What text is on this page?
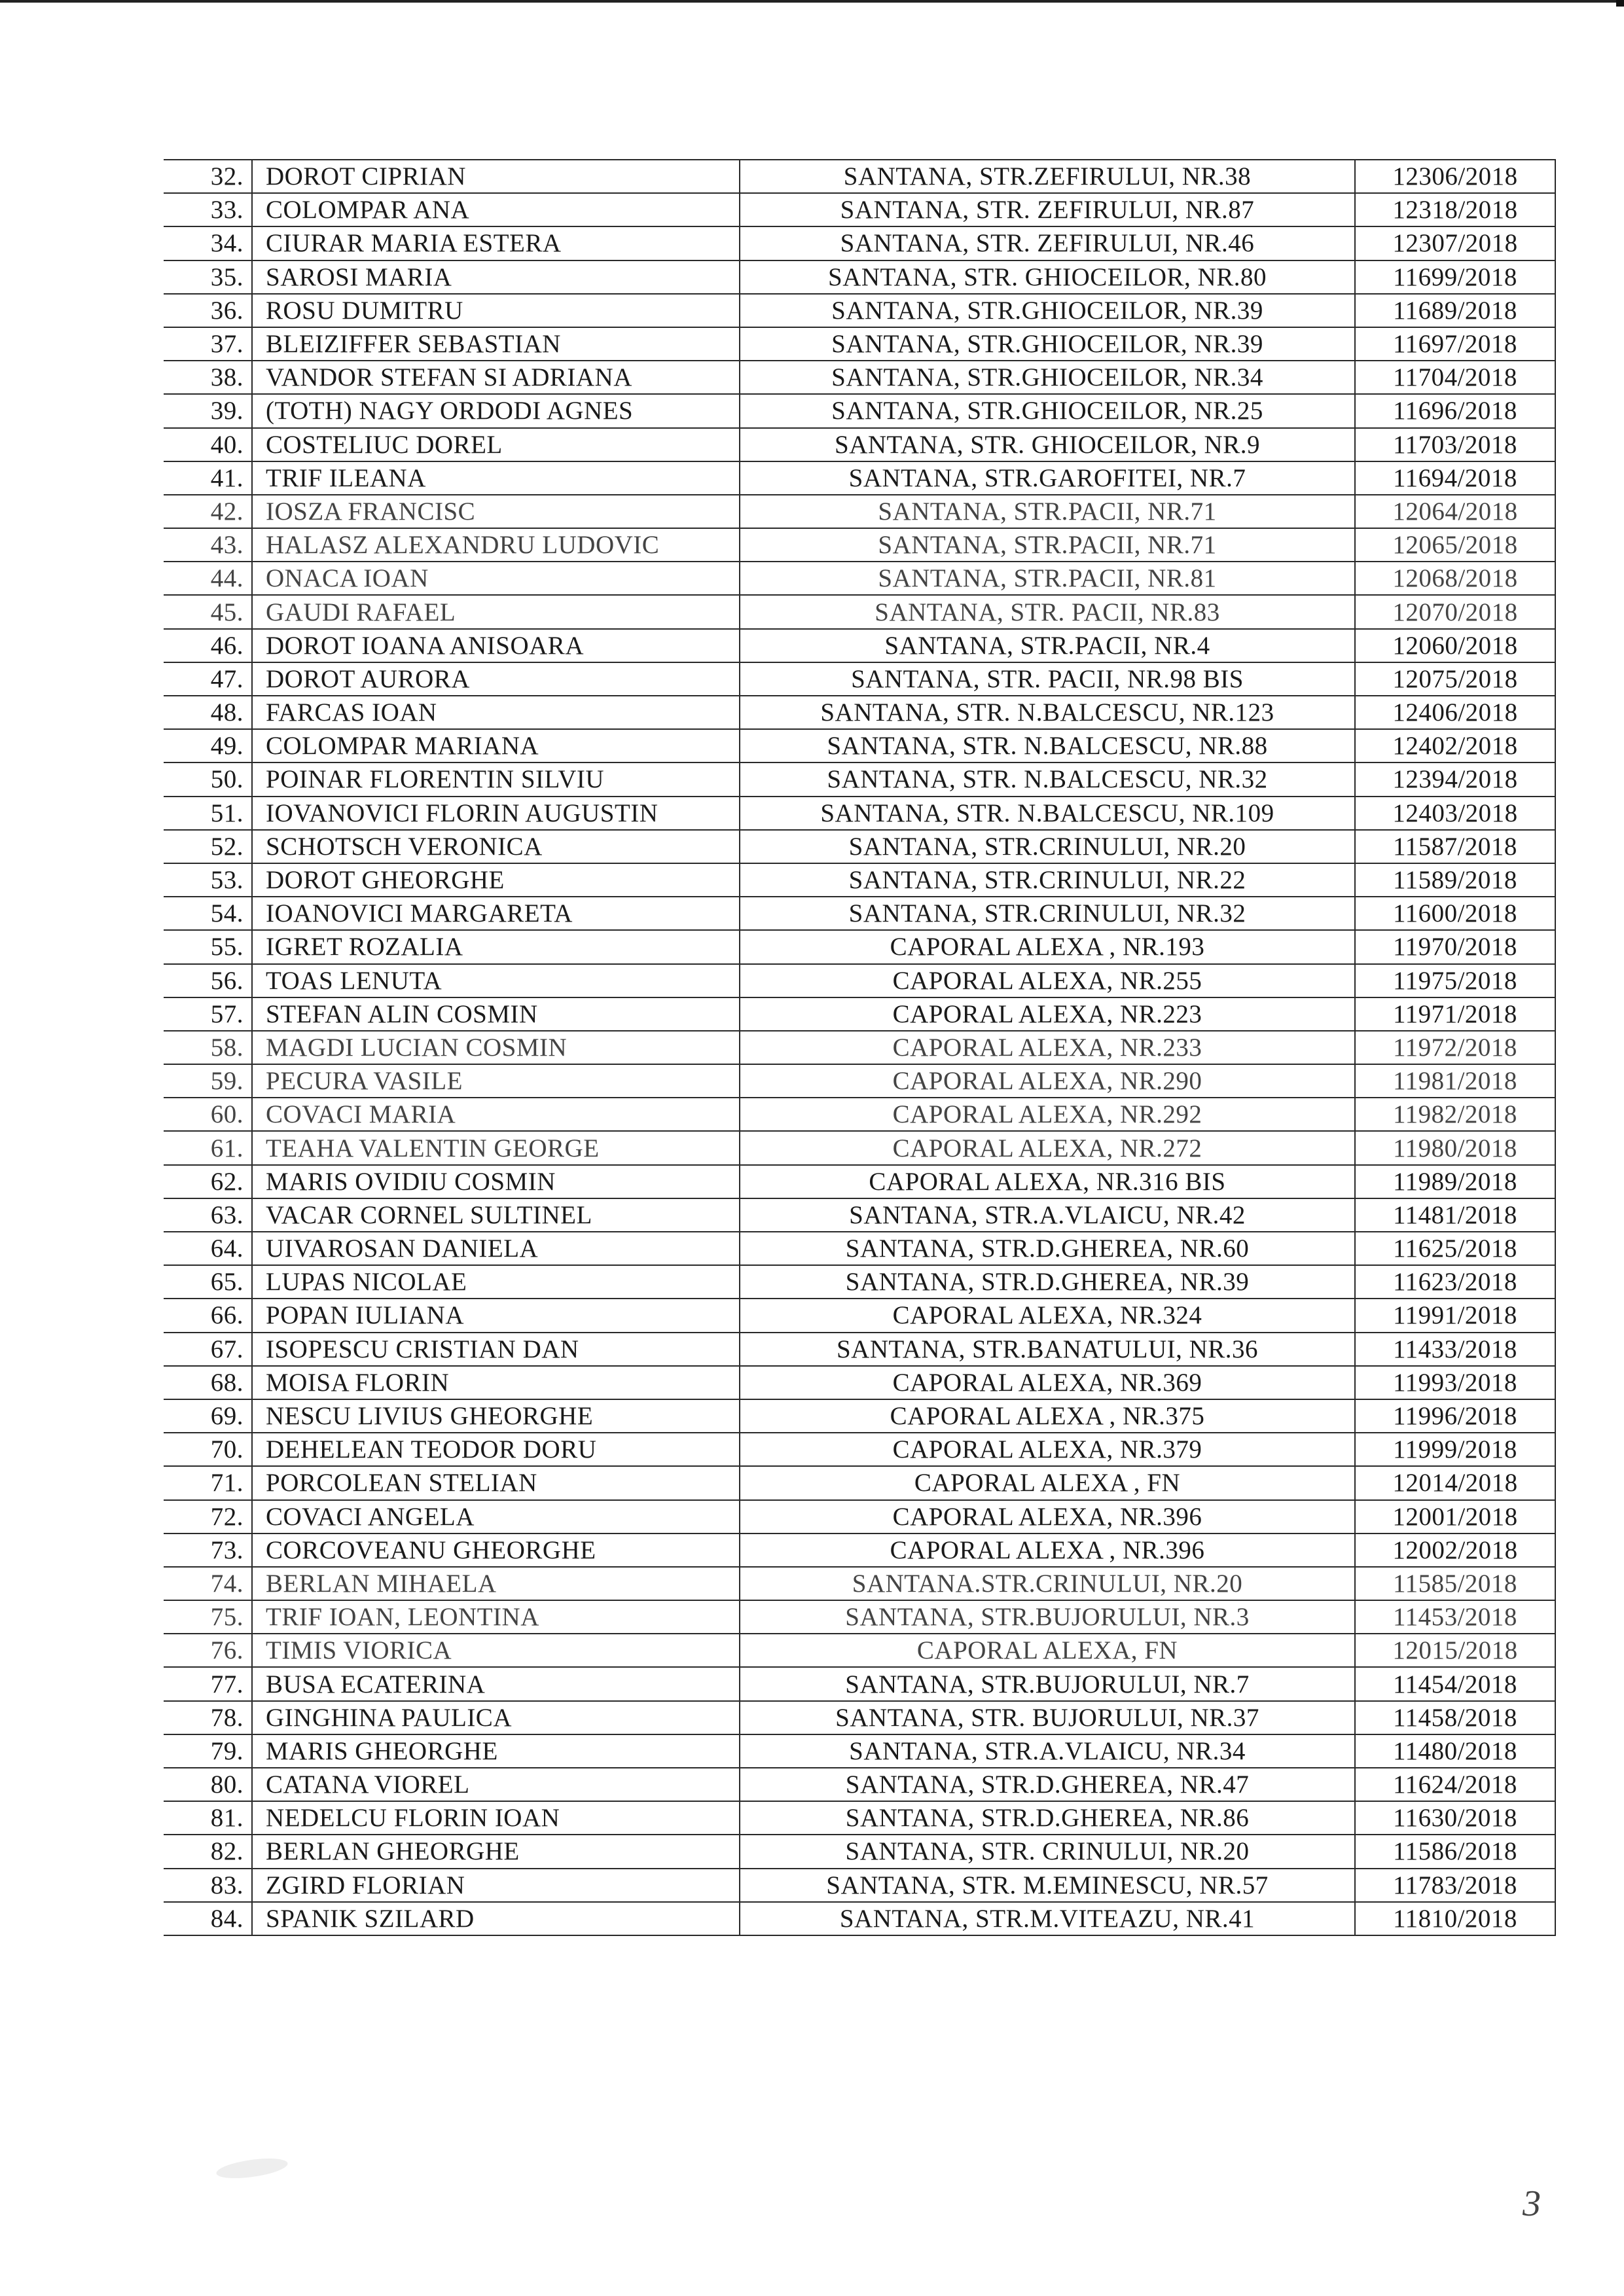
32.	DOROT CIPRIAN	SANTANA, STR.ZEFIRULUI, NR.38	12306/2018
33.	COLOMPAR ANA	SANTANA, STR. ZEFIRULUI, NR.87	12318/2018
34.	CIURAR MARIA ESTERA	SANTANA, STR. ZEFIRULUI, NR.46	12307/2018
35.	SAROSI MARIA	SANTANA, STR. GHIOCEILOR, NR.80	11699/2018
36.	ROSU DUMITRU	SANTANA, STR.GHIOCEILOR, NR.39	11689/2018
37.	BLEIZIFFER SEBASTIAN	SANTANA, STR.GHIOCEILOR, NR.39	11697/2018
38.	VANDOR STEFAN SI ADRIANA	SANTANA, STR.GHIOCEILOR, NR.34	11704/2018
39.	(TOTH) NAGY ORDODI AGNES	SANTANA, STR.GHIOCEILOR, NR.25	11696/2018
40.	COSTELIUC DOREL	SANTANA, STR. GHIOCEILOR, NR.9	11703/2018
41.	TRIF ILEANA	SANTANA, STR.GAROFITEI, NR.7	11694/2018
42.	IOSZA FRANCISC	SANTANA, STR.PACII, NR.71	12064/2018
43.	HALASZ ALEXANDRU LUDOVIC	SANTANA, STR.PACII, NR.71	12065/2018
44.	ONACA IOAN	SANTANA, STR.PACII, NR.81	12068/2018
45.	GAUDI RAFAEL	SANTANA, STR. PACII, NR.83	12070/2018
46.	DOROT IOANA ANISOARA	SANTANA, STR.PACII, NR.4	12060/2018
47.	DOROT AURORA	SANTANA, STR. PACII, NR.98 BIS	12075/2018
48.	FARCAS IOAN	SANTANA, STR. N.BALCESCU, NR.123	12406/2018
49.	COLOMPAR MARIANA	SANTANA, STR. N.BALCESCU, NR.88	12402/2018
50.	POINAR FLORENTIN SILVIU	SANTANA, STR. N.BALCESCU, NR.32	12394/2018
51.	IOVANOVICI FLORIN AUGUSTIN	SANTANA, STR. N.BALCESCU, NR.109	12403/2018
52.	SCHOTSCH VERONICA	SANTANA, STR.CRINULUI, NR.20	11587/2018
53.	DOROT GHEORGHE	SANTANA, STR.CRINULUI, NR.22	11589/2018
54.	IOANOVICI MARGARETA	SANTANA, STR.CRINULUI, NR.32	11600/2018
55.	IGRET ROZALIA	CAPORAL ALEXA , NR.193	11970/2018
56.	TOAS LENUTA	CAPORAL ALEXA, NR.255	11975/2018
57.	STEFAN ALIN COSMIN	CAPORAL ALEXA, NR.223	11971/2018
58.	MAGDI LUCIAN COSMIN	CAPORAL ALEXA, NR.233	11972/2018
59.	PECURA VASILE	CAPORAL ALEXA, NR.290	11981/2018
60.	COVACI MARIA	CAPORAL ALEXA, NR.292	11982/2018
61.	TEAHA VALENTIN GEORGE	CAPORAL ALEXA, NR.272	11980/2018
62.	MARIS OVIDIU COSMIN	CAPORAL ALEXA, NR.316 BIS	11989/2018
63.	VACAR CORNEL SULTINEL	SANTANA, STR.A.VLAICU, NR.42	11481/2018
64.	UIVAROSAN DANIELA	SANTANA, STR.D.GHEREA, NR.60	11625/2018
65.	LUPAS NICOLAE	SANTANA, STR.D.GHEREA, NR.39	11623/2018
66.	POPAN IULIANA	CAPORAL ALEXA, NR.324	11991/2018
67.	ISOPESCU CRISTIAN DAN	SANTANA, STR.BANATULUI, NR.36	11433/2018
68.	MOISA FLORIN	CAPORAL ALEXA, NR.369	11993/2018
69.	NESCU LIVIUS GHEORGHE	CAPORAL ALEXA , NR.375	11996/2018
70.	DEHELEAN TEODOR DORU	CAPORAL ALEXA, NR.379	11999/2018
71.	PORCOLEAN STELIAN	CAPORAL ALEXA , FN	12014/2018
72.	COVACI ANGELA	CAPORAL ALEXA, NR.396	12001/2018
73.	CORCOVEANU GHEORGHE	CAPORAL ALEXA , NR.396	12002/2018
74.	BERLAN MIHAELA	SANTANA.STR.CRINULUI, NR.20	11585/2018
75.	TRIF IOAN, LEONTINA	SANTANA, STR.BUJORULUI, NR.3	11453/2018
76.	TIMIS VIORICA	CAPORAL ALEXA, FN	12015/2018
77.	BUSA ECATERINA	SANTANA, STR.BUJORULUI, NR.7	11454/2018
78.	GINGHINA PAULICA	SANTANA, STR. BUJORULUI, NR.37	11458/2018
79.	MARIS GHEORGHE	SANTANA, STR.A.VLAICU, NR.34	11480/2018
80.	CATANA VIOREL	SANTANA, STR.D.GHEREA, NR.47	11624/2018
81.	NEDELCU FLORIN IOAN	SANTANA, STR.D.GHEREA, NR.86	11630/2018
82.	BERLAN GHEORGHE	SANTANA, STR. CRINULUI, NR.20	11586/2018
83.	ZGIRD FLORIAN	SANTANA, STR. M.EMINESCU, NR.57	11783/2018
84.	SPANIK SZILARD	SANTANA, STR.M.VITEAZU, NR.41	11810/2018
3
